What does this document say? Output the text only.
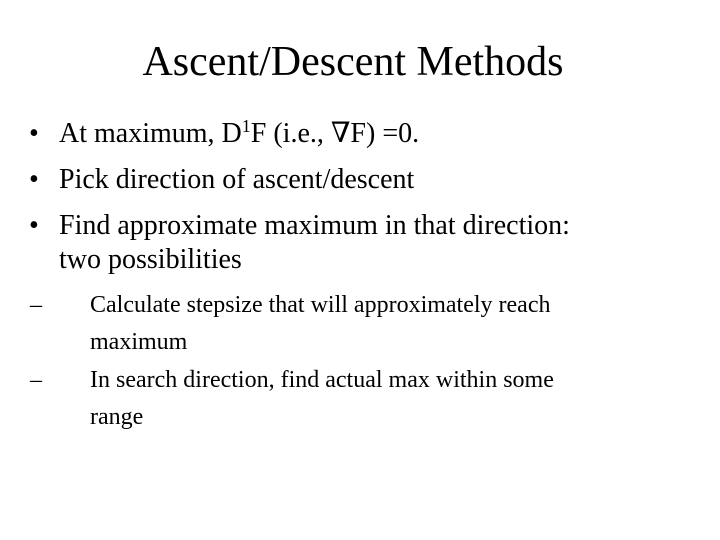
Ascent/Descent Methods
• At maximum, $D^1F$ (i.e., ∇F) =0.
• Pick direction of ascent/descent
• Find approximate maximum in that direction:
two possibilities
– Calculate stepsize that will approximately reach
maximum
– In search direction, find actual max within some
range
